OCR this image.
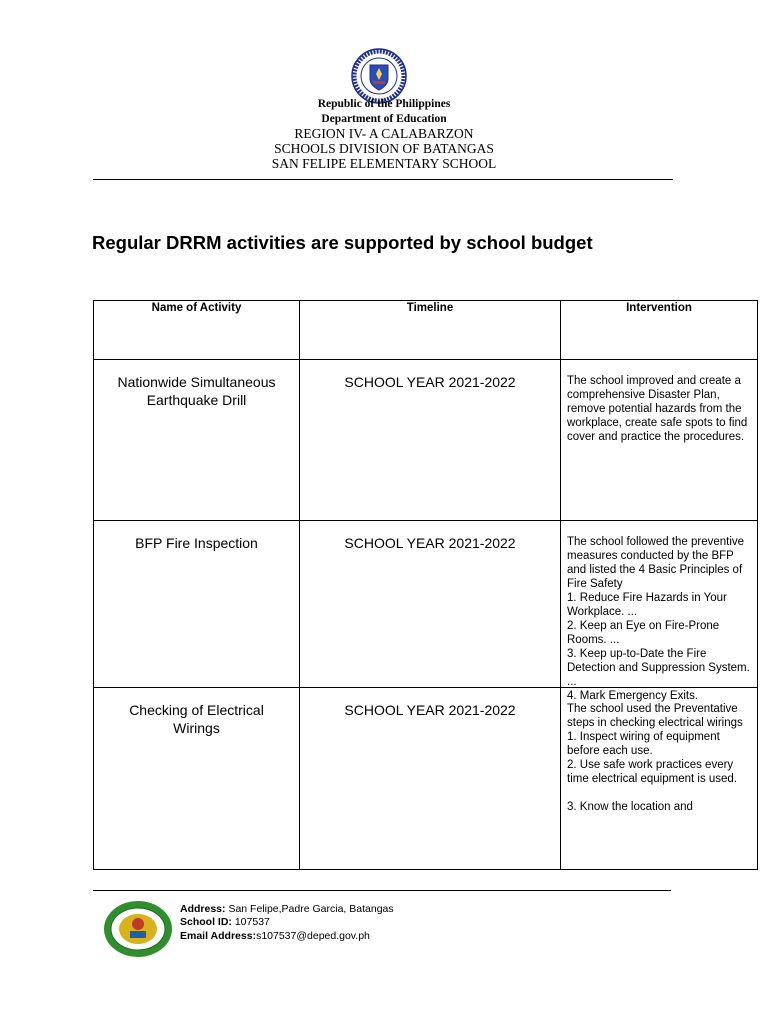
Republic of the Philippines
Department of Education
REGION IV- A CALABARZON
SCHOOLS DIVISION OF BATANGAS
SAN FELIPE ELEMENTARY SCHOOL
Regular DRRM activities are supported by school budget
Name of Activity	Timeline	Intervention
Nationwide Simultaneous Earthquake Drill	SCHOOL YEAR 2021-2022	The school improved and create a comprehensive Disaster Plan, remove potential hazards from the workplace, create safe spots to find cover and practice the procedures.

BFP Fire Inspection	SCHOOL YEAR 2021-2022	The school followed the preventive measures conducted by the BFP and listed the 4 Basic Principles of Fire Safety
1. Reduce Fire Hazards in Your Workplace. ...
2. Keep an Eye on Fire-Prone Rooms. ...
3. Keep up-to-Date the Fire Detection and Suppression System. ...
4. Mark Emergency Exits.

Checking of Electrical Wirings	SCHOOL YEAR 2021-2022	The school used the Preventative steps in checking electrical wirings
1. Inspect wiring of equipment before each use.
2. Use safe work practices every time electrical equipment is used.

3. Know the location and
Address: San Felipe,Padre Garcia, Batangas
School ID: 107537
Email Address:s107537@deped.gov.ph
